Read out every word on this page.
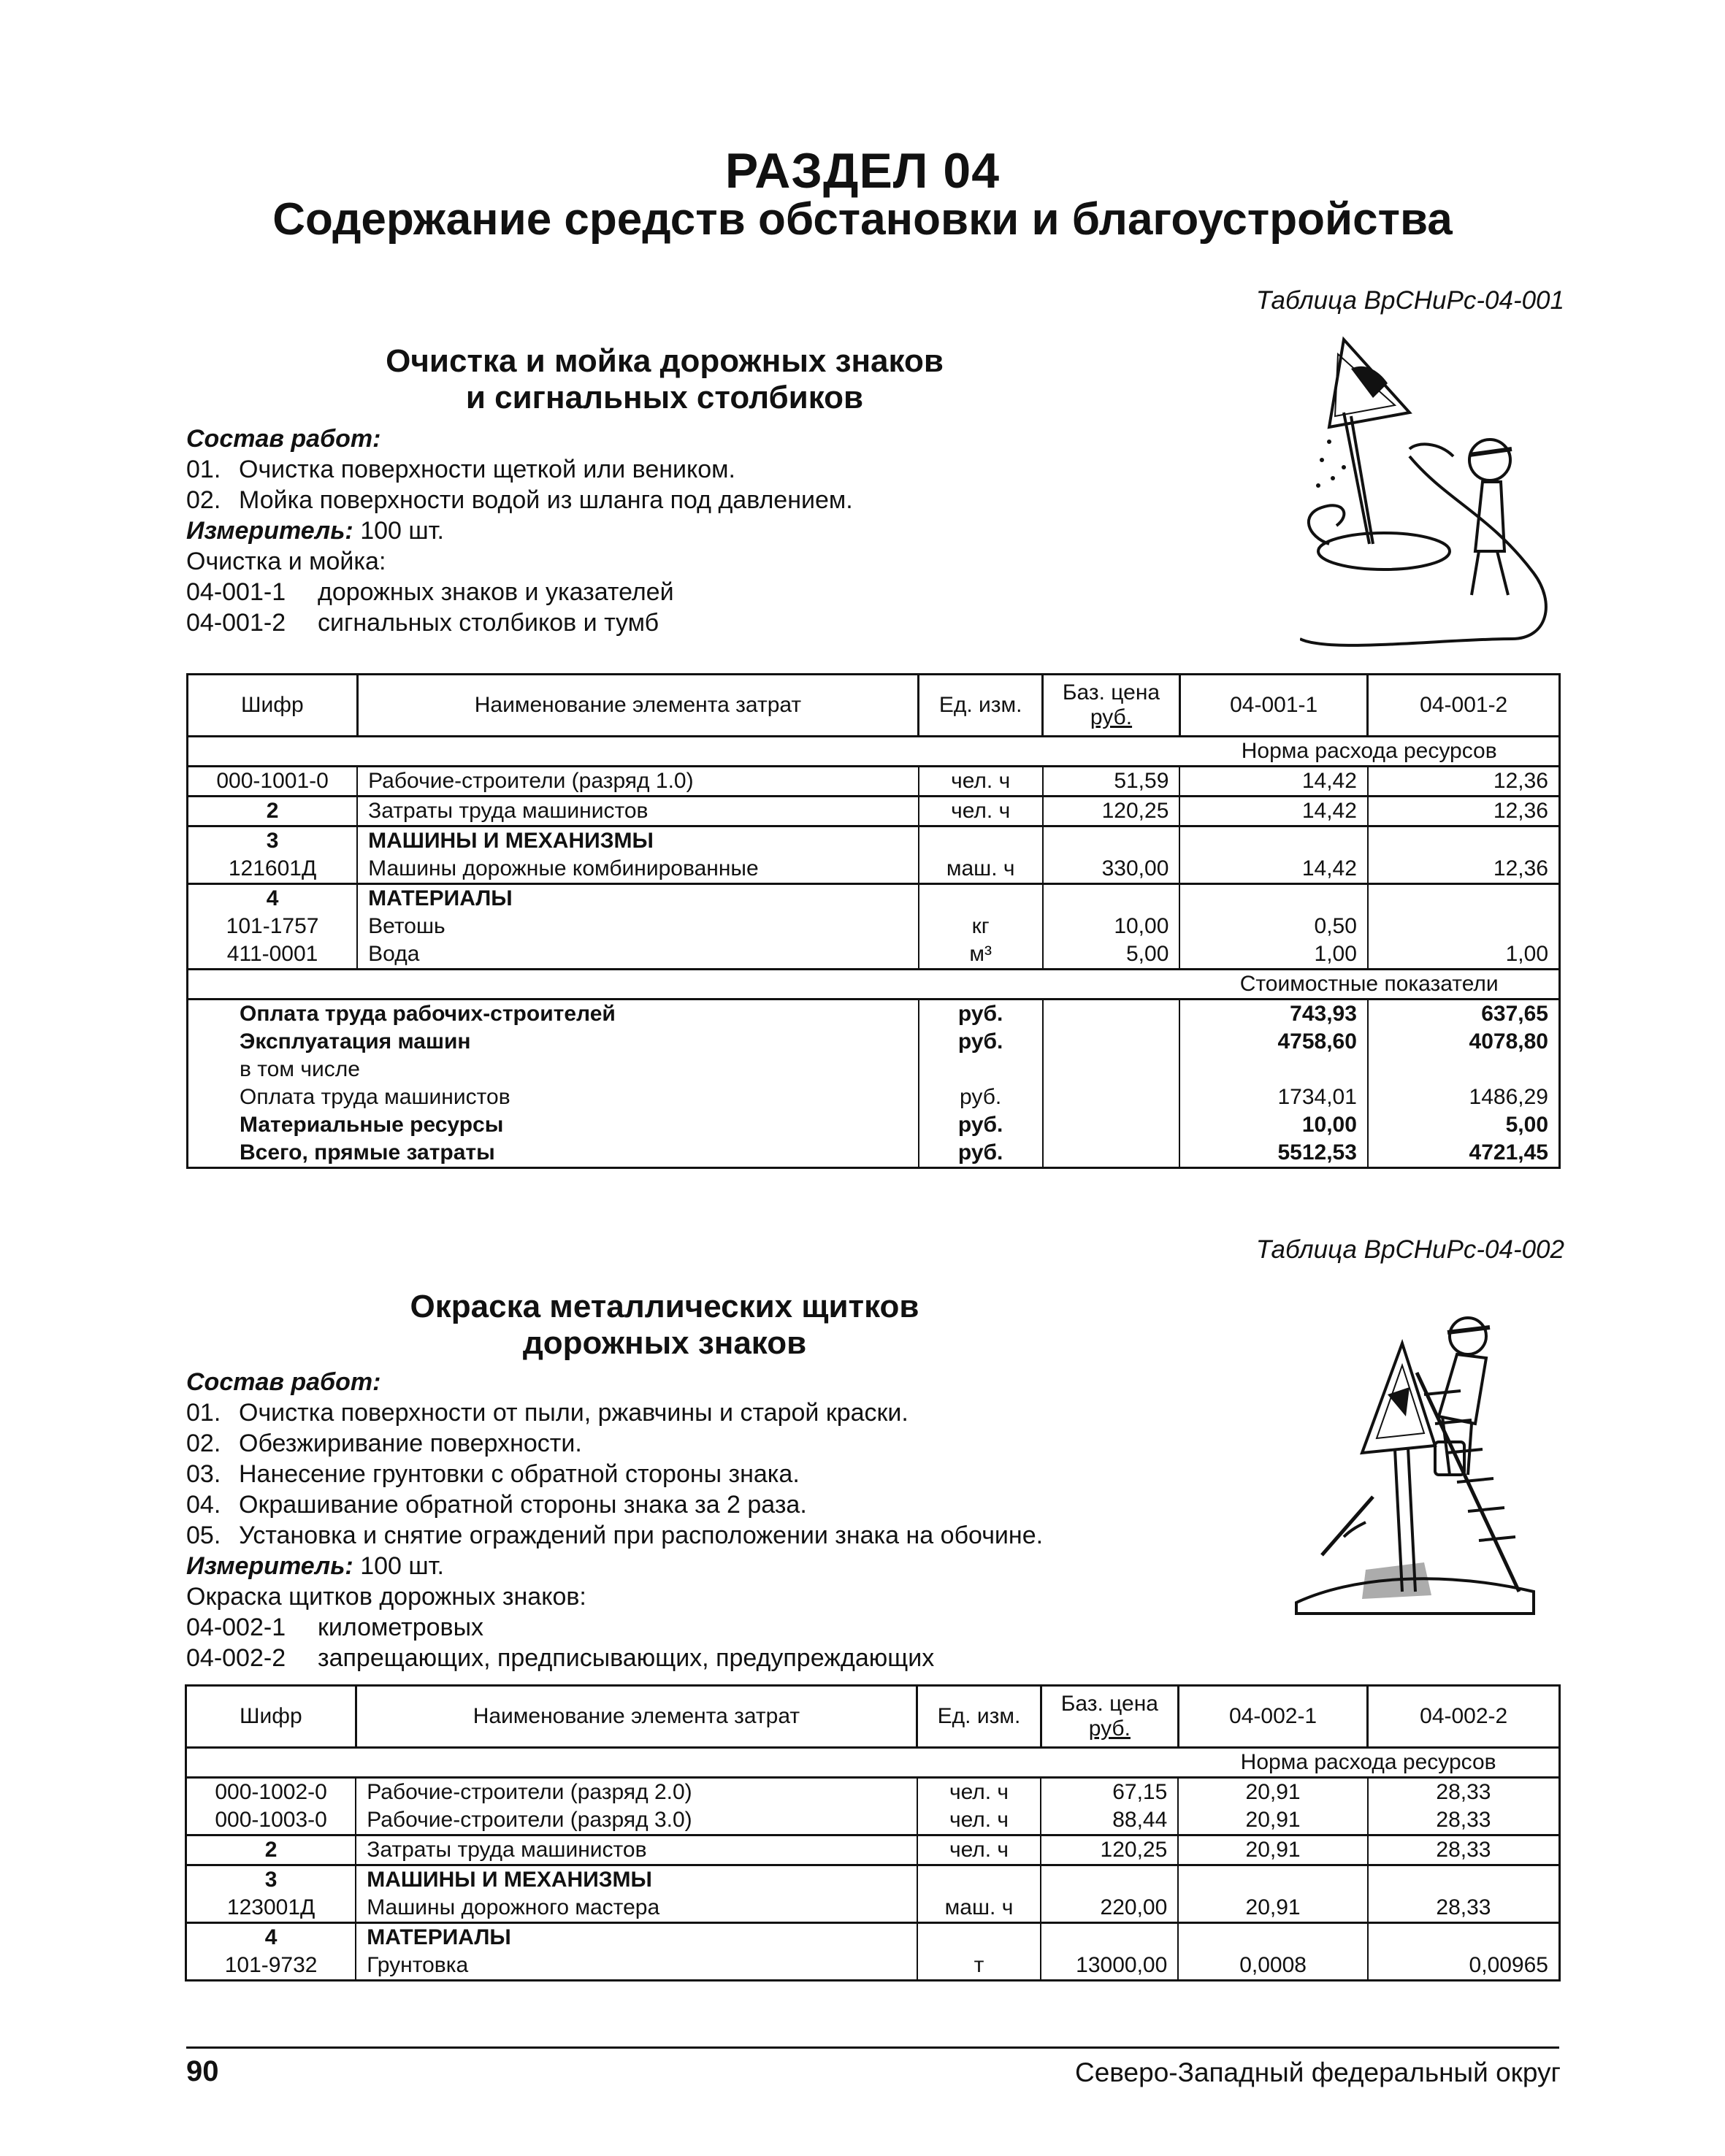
РАЗДЕЛ 04
Содержание средств обстановки и благоустройства
Таблица ВрСНиРс-04-001
Очистка и мойка дорожных знаков
и сигнальных столбиков
Состав работ:
01. Очистка поверхности щеткой или веником.
02. Мойка поверхности водой из шланга под давлением.
Измеритель: 100 шт.
Очистка и мойка:
04-001-1 дорожных знаков и указателей
04-001-2 сигнальных столбиков и тумб
Шифр	Наименование элемента затрат	Ед. изм.	Баз. цена
руб.	04-001-1	04-001-2
				Норма расхода ресурсов	
000-1001-0	Рабочие-строители (разряд 1.0)	чел. ч	51,59	14,42	12,36
2	Затраты труда машинистов	чел. ч	120,25	14,42	12,36
3	МАШИНЫ И МЕХАНИЗМЫ				
121601Д	Машины дорожные комбинированные	маш. ч	330,00	14,42	12,36
4	МАТЕРИАЛЫ				
101-1757	Ветошь	кг	10,00	0,50	
411-0001	Вода	м³	5,00	1,00	1,00
				Стоимостные показатели	
Оплата труда рабочих-строителей		руб.		743,93	637,65
Эксплуатация машин		руб.		4758,60	4078,80
в том числе					
Оплата труда машинистов		руб.		1734,01	1486,29
Материальные ресурсы		руб.		10,00	5,00
Всего, прямые затраты		руб.		5512,53	4721,45
Таблица ВрСНиРс-04-002
Окраска металлических щитков
дорожных знаков
Состав работ:
01. Очистка поверхности от пыли, ржавчины и старой краски.
02. Обезжиривание поверхности.
03. Нанесение грунтовки с обратной стороны знака.
04. Окрашивание обратной стороны знака за 2 раза.
05. Установка и снятие ограждений при расположении знака на обочине.
Измеритель: 100 шт.
Окраска щитков дорожных знаков:
04-002-1 километровых
04-002-2 запрещающих, предписывающих, предупреждающих
Шифр	Наименование элемента затрат	Ед. изм.	Баз. цена
руб.	04-002-1	04-002-2
				Норма расхода ресурсов	
000-1002-0	Рабочие-строители (разряд 2.0)	чел. ч	67,15	20,91	28,33
000-1003-0	Рабочие-строители (разряд 3.0)	чел. ч	88,44	20,91	28,33
2	Затраты труда машинистов	чел. ч	120,25	20,91	28,33
3	МАШИНЫ И МЕХАНИЗМЫ				
123001Д	Машины дорожного мастера	маш. ч	220,00	20,91	28,33
4	МАТЕРИАЛЫ				
101-9732	Грунтовка	т	13000,00	0,0008	0,00965
90	Северо-Западный федеральный округ
